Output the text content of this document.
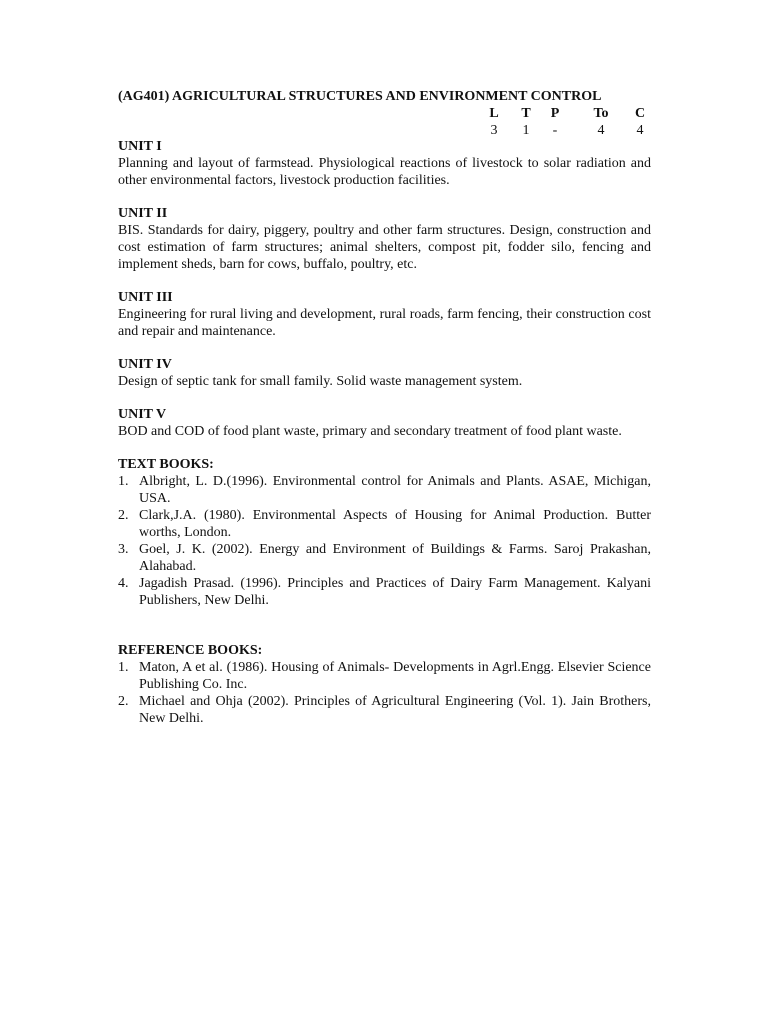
(AG401) AGRICULTURAL STRUCTURES AND ENVIRONMENT CONTROL
L	T	P	To	C
3	1	-	4	4
UNIT I
Planning and layout of farmstead. Physiological reactions of livestock to solar radiation and other environmental factors, livestock production facilities.
UNIT II
BIS. Standards for dairy, piggery, poultry and other farm structures. Design, construction and cost estimation of farm structures; animal shelters, compost pit, fodder silo, fencing and implement sheds, barn for cows, buffalo, poultry, etc.
UNIT III
Engineering for rural living and development, rural roads, farm fencing, their construction cost and repair and maintenance.
UNIT IV
Design of septic tank for small family. Solid waste management system.
UNIT V
BOD and COD of food plant waste, primary and secondary treatment of food plant waste.
TEXT BOOKS:
1. Albright, L. D.(1996). Environmental control for Animals and Plants. ASAE, Michigan, USA.
2. Clark,J.A. (1980). Environmental Aspects of Housing for Animal Production. Butter worths, London.
3. Goel, J. K. (2002). Energy and Environment of Buildings & Farms. Saroj Prakashan, Alahabad.
4. Jagadish Prasad. (1996). Principles and Practices of Dairy Farm Management. Kalyani Publishers, New Delhi.
REFERENCE BOOKS:
1. Maton, A et al. (1986). Housing of Animals- Developments in Agrl.Engg. Elsevier Science Publishing Co. Inc.
2. Michael and Ohja (2002). Principles of Agricultural Engineering (Vol. 1). Jain Brothers, New Delhi.
